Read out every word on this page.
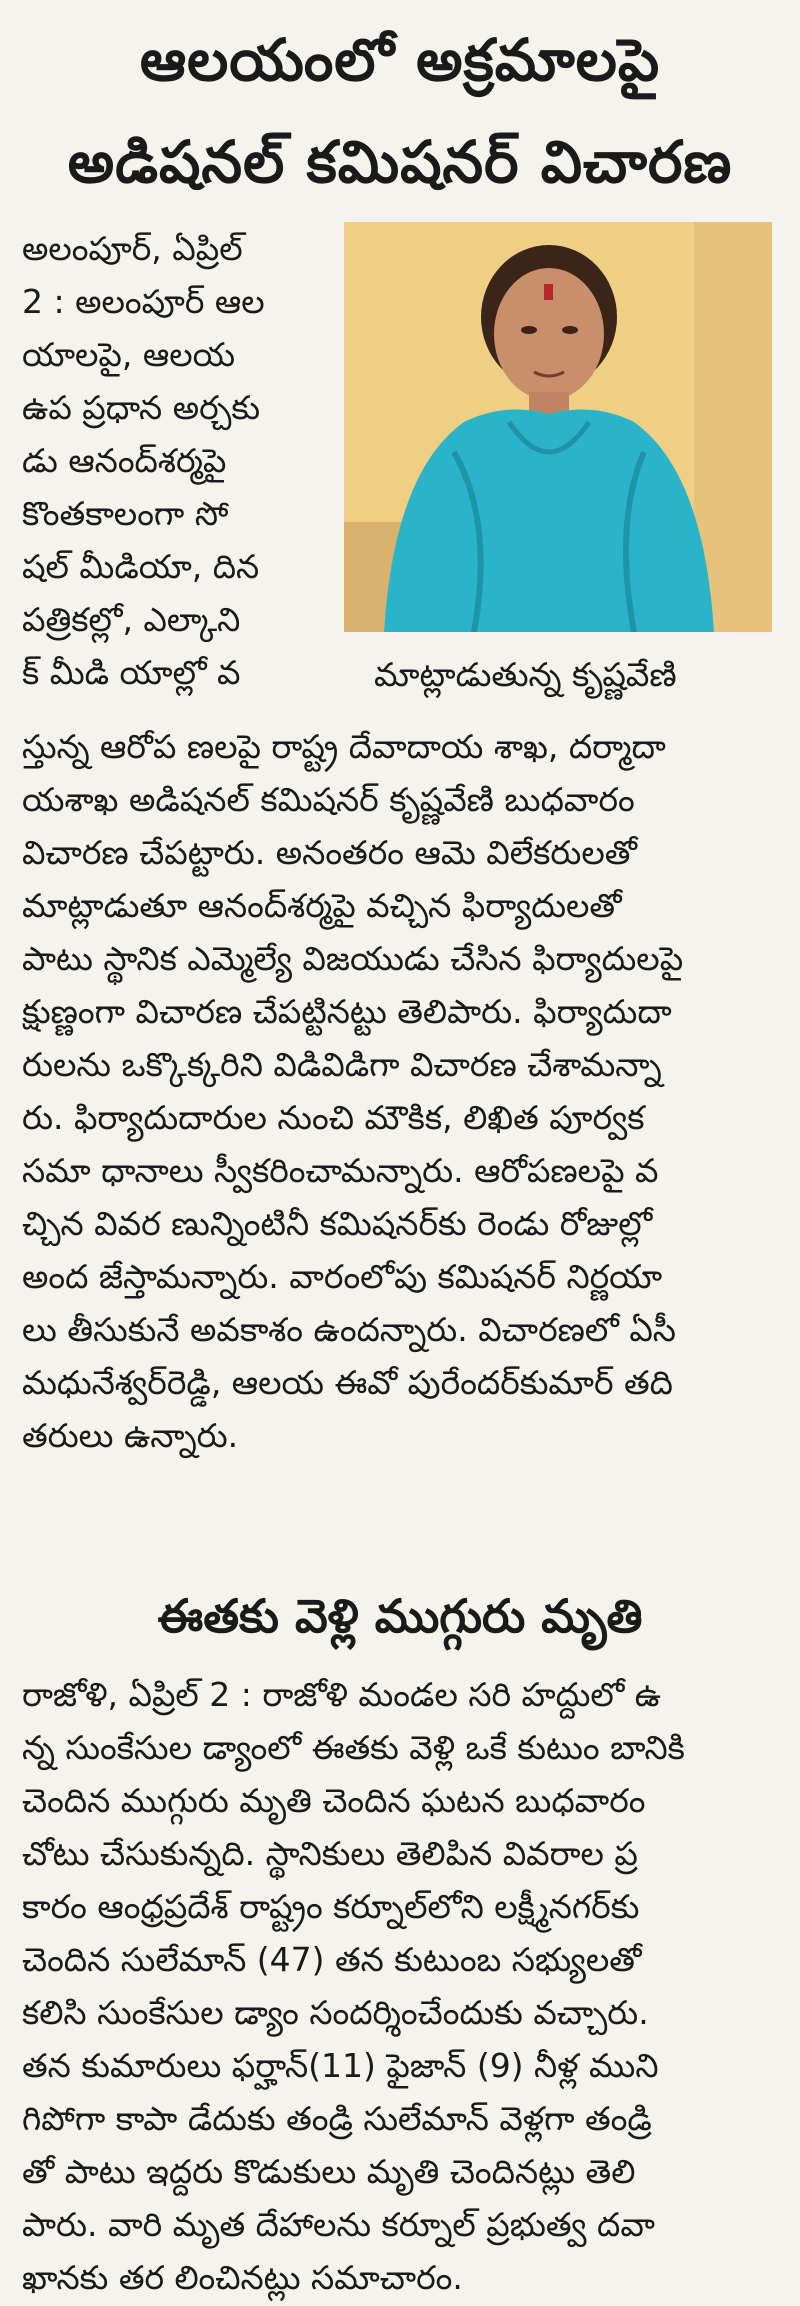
ఆలయంలో అక్రమాలపై
అడిషనల్ కమిషనర్ విచారణ
అలంపూర్, ఏప్రిల్
2 : అలంపూర్ ఆల
యాలపై, ఆలయ
ఉప ప్రధాన అర్చకు
డు ఆనంద్‌శర్మపై
కొంతకాలంగా సో
షల్ మీడియా, దిన
పత్రికల్లో, ఎల్కాని
క్ మీడి యాల్లో వ	మాట్లాడుతున్న కృష్ణవేణి
స్తున్న ఆరోప ణలపై రాష్ట్ర దేవాదాయ శాఖ, దర్మాదా
యశాఖ అడిషనల్ కమిషనర్ కృష్ణవేణి బుధవారం
విచారణ చేపట్టారు. అనంతరం ఆమె విలేకరులతో
మాట్లాడుతూ ఆనంద్‌శర్మపై వచ్చిన ఫిర్యాదులతో
పాటు స్థానిక ఎమ్మెల్యే విజయుడు చేసిన ఫిర్యాదులపై
క్షుణ్ణంగా విచారణ చేపట్టినట్టు తెలిపారు. ఫిర్యాదుదా
రులను ఒక్కొక్కరిని విడివిడిగా విచారణ చేశామన్నా
రు. ఫిర్యాదుదారుల నుంచి మౌకిక, లిఖిత పూర్వక
సమా ధానాలు స్వీకరించామన్నారు. ఆరోపణలపై వ
చ్చిన వివర ణున్నింటినీ కమిషనర్‌కు రెండు రోజుల్లో
అంద జేస్తామన్నారు. వారంలోపు కమిషనర్ నిర్ణయా
లు తీసుకునే అవకాశం ఉందన్నారు. విచారణలో ఏసీ
మధునేశ్వర్‌రెడ్డి, ఆలయ ఈవో పురేందర్‌కుమార్ తది
తరులు ఉన్నారు.
ఈతకు వెళ్లి ముగ్గురు మృతి
రాజోళి, ఏప్రిల్ 2 : రాజోళి మండల సరి హద్దులో ఉ
న్న సుంకేసుల డ్యాంలో ఈతకు వెళ్లి ఒకే కుటుం బానికి
చెందిన ముగ్గురు మృతి చెందిన ఘటన బుధవారం
చోటు చేసుకున్నది. స్థానికులు తెలిపిన వివరాల ప్ర
కారం ఆంధ్రప్రదేశ్ రాష్ట్రం కర్నూల్‌లోని లక్ష్మీనగర్‌కు
చెందిన సులేమాన్ (47) తన కుటుంబ సభ్యులతో
కలిసి సుంకేసుల డ్యాం సందర్శించేందుకు వచ్చారు.
తన కుమారులు ఫర్హాన్(11) ఫైజాన్ (9) నీళ్ల ముని
గిపోగా కాపా డేదుకు తండ్రి సులేమాన్ వెళ్లగా తండ్రి
తో పాటు ఇద్దరు కొడుకులు మృతి చెందినట్లు తెలి
పారు. వారి మృత దేహాలను కర్నూల్ ప్రభుత్వ దవా
ఖానకు తర లించినట్లు సమాచారం.
